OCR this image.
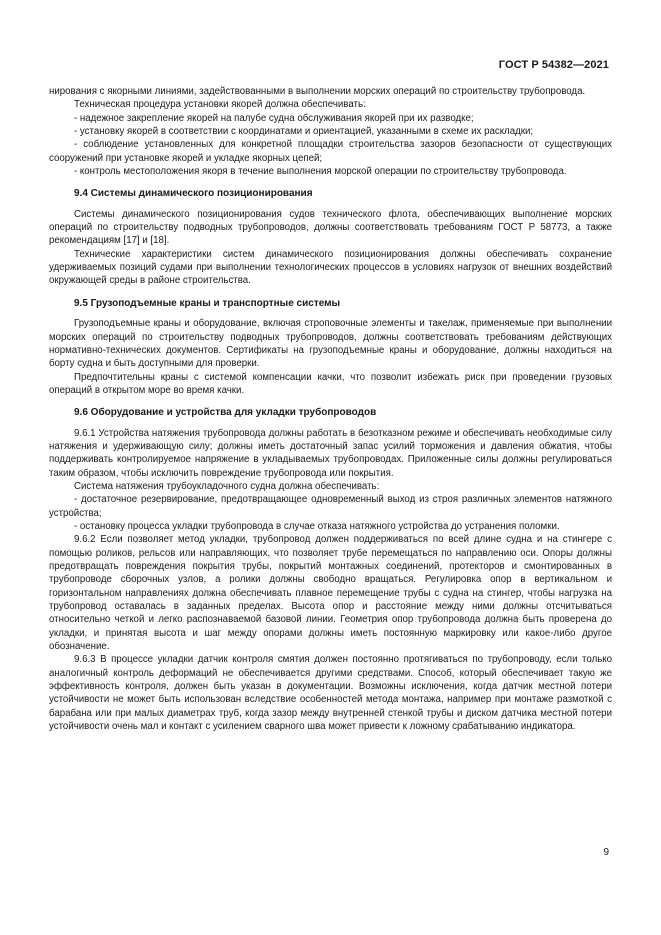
ГОСТ Р 54382—2021

нирования с якорными линиями, задействованными в выполнении морских операций по строительству трубопровода.

Техническая процедура установки якорей должна обеспечивать:

- надежное закрепление якорей на палубе судна обслуживания якорей при их разводке;

- установку якорей в соответствии с координатами и ориентацией, указанными в схеме их раскладки;

- соблюдение установленных для конкретной площадки строительства зазоров безопасности от существующих сооружений при установке якорей и укладке якорных цепей;

- контроль местоположения якоря в течение выполнения морской операции по строительству трубопровода.

9.4 Системы динамического позиционирования

Системы динамического позиционирования судов технического флота, обеспечивающих выполнение морских операций по строительству подводных трубопроводов, должны соответствовать требованиям ГОСТ Р 58773, а также рекомендациям [17] и [18].

Технические характеристики систем динамического позиционирования должны обеспечивать сохранение удерживаемых позиций судами при выполнении технологических процессов в условиях нагрузок от внешних воздействий окружающей среды в районе строительства.

9.5 Грузоподъемные краны и транспортные системы

Грузоподъемные краны и оборудование, включая строповочные элементы и такелаж, применяемые при выполнении морских операций по строительству подводных трубопроводов, должны соответствовать требованиям действующих нормативно-технических документов. Сертификаты на грузоподъемные краны и оборудование, должны находиться на борту судна и быть доступными для проверки.

Предпочтительны краны с системой компенсации качки, что позволит избежать риск при проведении грузовых операций в открытом море во время качки.

9.6 Оборудование и устройства для укладки трубопроводов

9.6.1 Устройства натяжения трубопровода должны работать в безотказном режиме и обеспечивать необходимые силу натяжения и удерживающую силу; должны иметь достаточный запас усилий торможения и давления обжатия, чтобы поддерживать контролируемое напряжение в укладываемых трубопроводах. Приложенные силы должны регулироваться таким образом, чтобы исключить повреждение трубопровода или покрытия.

Система натяжения трубоукладочного судна должна обеспечивать:

- достаточное резервирование, предотвращающее одновременный выход из строя различных элементов натяжного устройства;

- остановку процесса укладки трубопровода в случае отказа натяжного устройства до устранения поломки.

9.6.2 Если позволяет метод укладки, трубопровод должен поддерживаться по всей длине судна и на стингере с помощью роликов, рельсов или направляющих, что позволяет трубе перемещаться по направлению оси. Опоры должны предотвращать повреждения покрытия трубы, покрытий монтажных соединений, протекторов и смонтированных в трубопроводе сборочных узлов, а ролики должны свободно вращаться. Регулировка опор в вертикальном и горизонтальном направлениях должна обеспечивать плавное перемещение трубы с судна на стингер, чтобы нагрузка на трубопровод оставалась в заданных пределах. Высота опор и расстояние между ними должны отсчитываться относительно четкой и легко распознаваемой базовой линии. Геометрия опор трубопровода должна быть проверена до укладки, и принятая высота и шаг между опорами должны иметь постоянную маркировку или какое-либо другое обозначение.

9.6.3 В процессе укладки датчик контроля смятия должен постоянно протягиваться по трубопроводу, если только аналогичный контроль деформаций не обеспечивается другими средствами. Способ, который обеспечивает такую же эффективность контроля, должен быть указан в документации. Возможны исключения, когда датчик местной потери устойчивости не может быть использован вследствие особенностей метода монтажа, например при монтаже размоткой с барабана или при малых диаметрах труб, когда зазор между внутренней стенкой трубы и диском датчика местной потери устойчивости очень мал и контакт с усилением сварного шва может привести к ложному срабатыванию индикатора.

9
